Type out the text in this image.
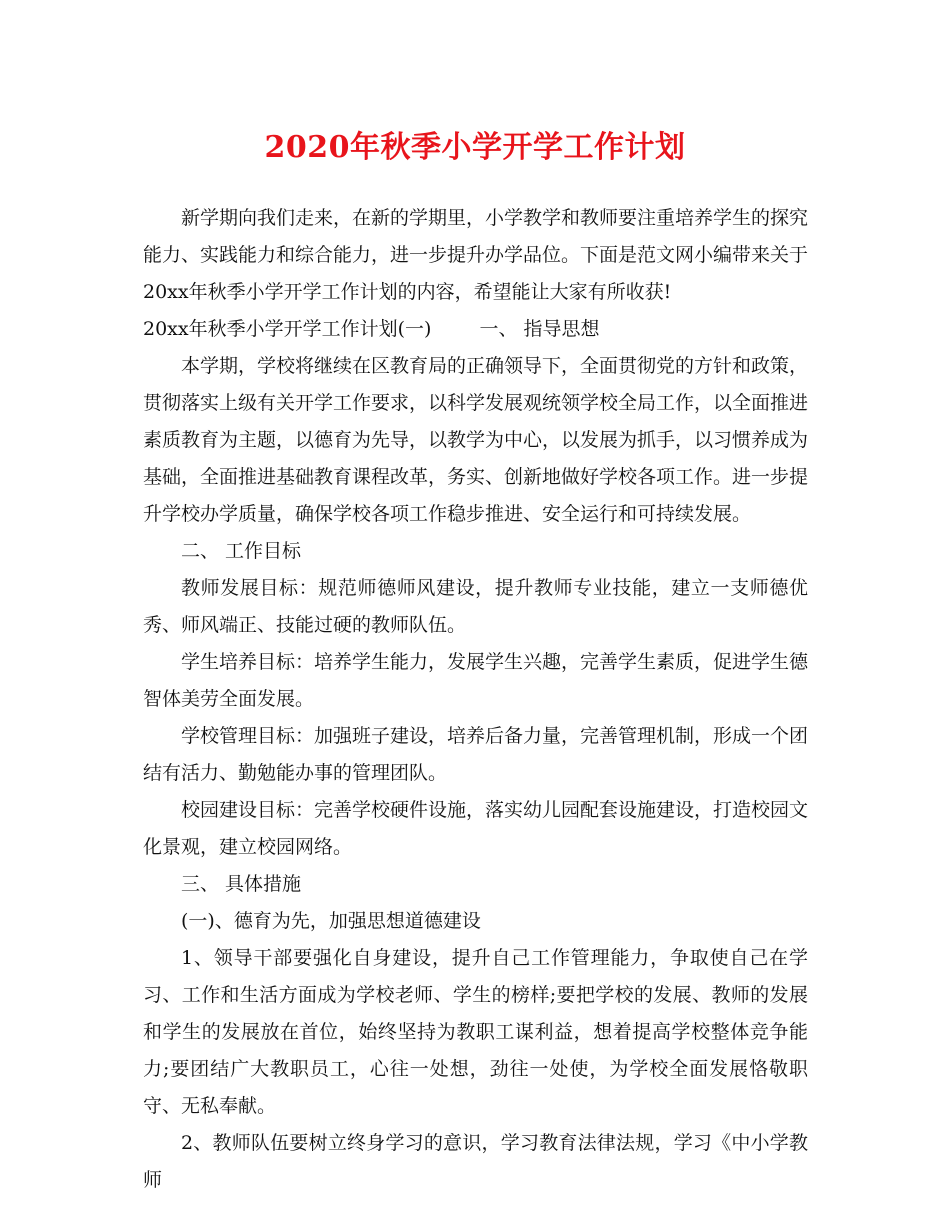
2020年秋季小学开学工作计划

新学期向我们走来，在新的学期里，小学教学和教师要注重培养学生的探究能力、实践能力和综合能力，进一步提升办学品位。下面是范文网小编带来关于20xx年秋季小学开学工作计划的内容，希望能让大家有所收获!

20xx年秋季小学开学工作计划(一)	一、 指导思想

本学期，学校将继续在区教育局的正确领导下，全面贯彻党的方针和政策，贯彻落实上级有关开学工作要求，以科学发展观统领学校全局工作，以全面推进素质教育为主题，以德育为先导，以教学为中心，以发展为抓手，以习惯养成为基础，全面推进基础教育课程改革，务实、创新地做好学校各项工作。进一步提升学校办学质量，确保学校各项工作稳步推进、安全运行和可持续发展。

二、 工作目标

教师发展目标：规范师德师风建设，提升教师专业技能，建立一支师德优秀、师风端正、技能过硬的教师队伍。

学生培养目标：培养学生能力，发展学生兴趣，完善学生素质，促进学生德智体美劳全面发展。

学校管理目标：加强班子建设，培养后备力量，完善管理机制，形成一个团结有活力、勤勉能办事的管理团队。

校园建设目标：完善学校硬件设施，落实幼儿园配套设施建设，打造校园文化景观，建立校园网络。

三、 具体措施

(一)、德育为先，加强思想道德建设

1、领导干部要强化自身建设，提升自己工作管理能力，争取使自己在学习、工作和生活方面成为学校老师、学生的榜样;要把学校的发展、教师的发展和学生的发展放在首位，始终坚持为教职工谋利益，想着提高学校整体竞争能力;要团结广大教职员工，心往一处想，劲往一处使，为学校全面发展恪敬职守、无私奉献。

2、教师队伍要树立终身学习的意识，学习教育法律法规，学习《中小学教师
